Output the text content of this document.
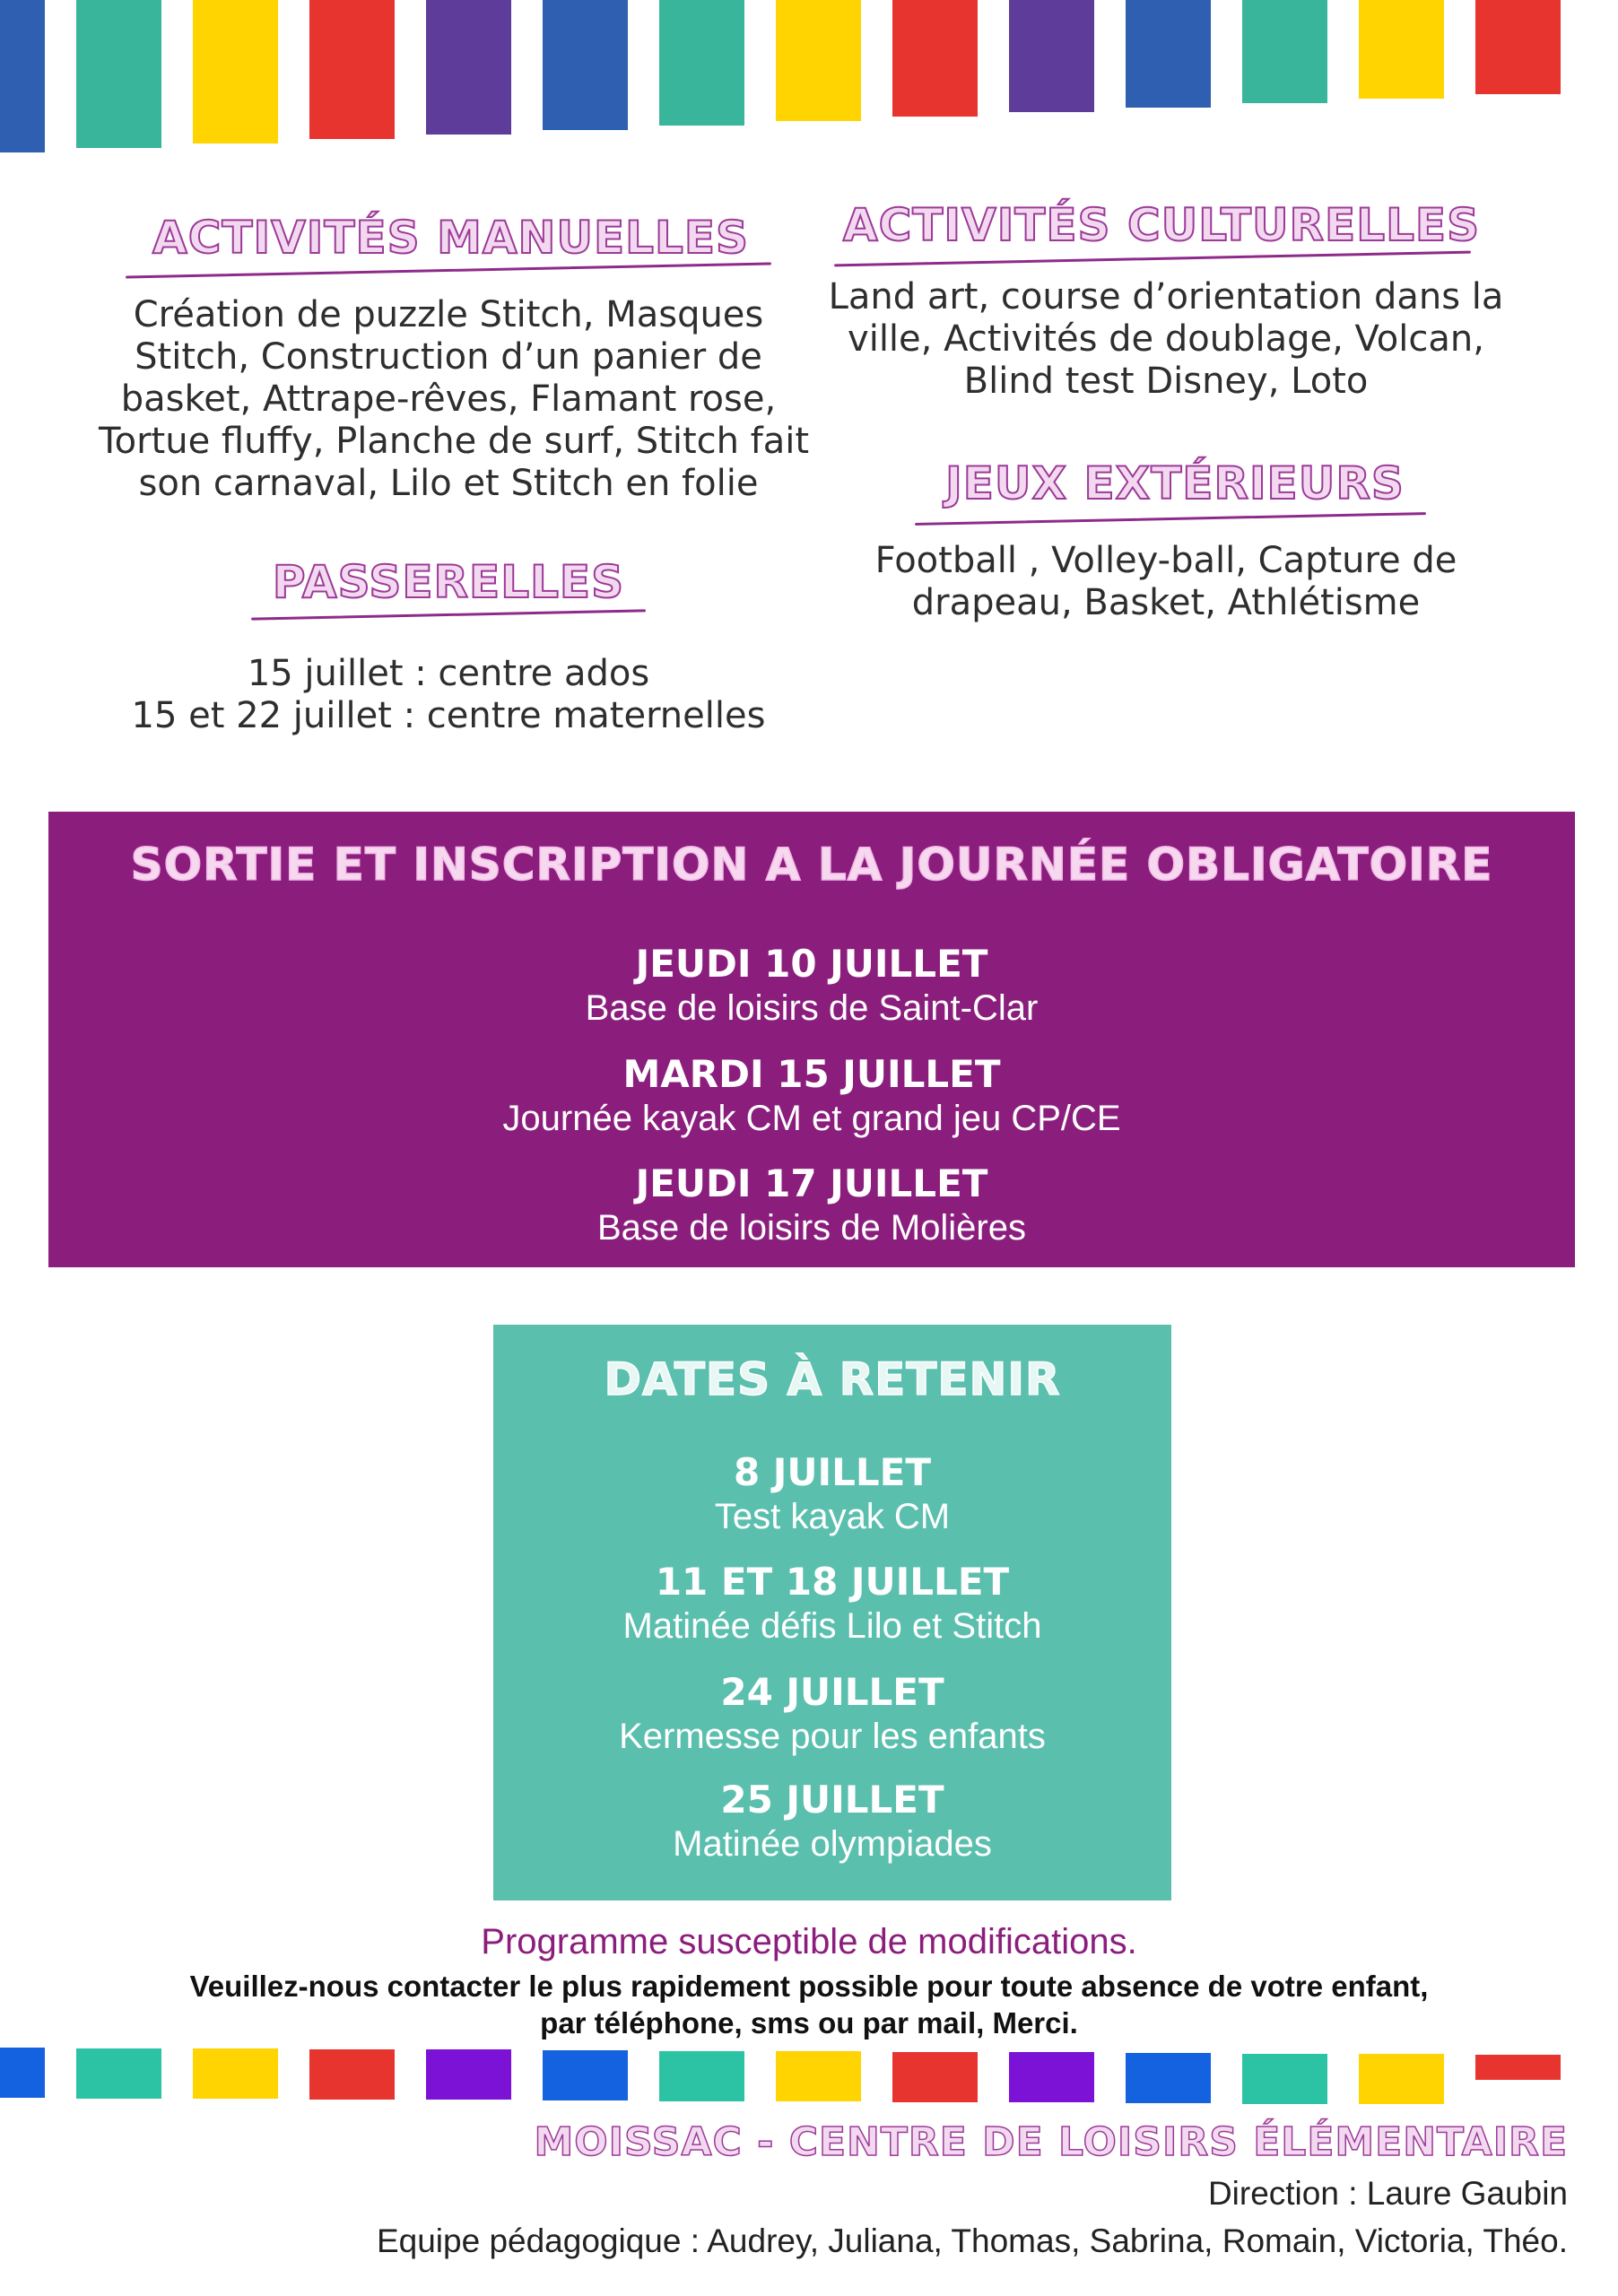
ACTIVITÉS MANUELLES
Création de puzzle Stitch, Masques
Stitch, Construction d’un panier de
basket, Attrape-rêves, Flamant rose,
Tortue fluffy, Planche de surf, Stitch fait
son carnaval, Lilo et Stitch en folie
PASSERELLES
15 juillet : centre ados
15 et 22 juillet : centre maternelles
ACTIVITÉS CULTURELLES
Land art, course d’orientation dans la
ville, Activités de doublage, Volcan,
Blind test Disney, Loto
JEUX EXTÉRIEURS
Football , Volley-ball, Capture de
drapeau, Basket, Athlétisme
SORTIE ET INSCRIPTION A LA JOURNÉE OBLIGATOIRE
JEUDI 10 JUILLET
Base de loisirs de Saint-Clar
MARDI 15 JUILLET
Journée kayak CM et grand jeu CP/CE
JEUDI 17 JUILLET
Base de loisirs de Molières
DATES À RETENIR
8 JUILLET
Test kayak CM
11 ET 18 JUILLET
Matinée défis Lilo et Stitch
24 JUILLET
Kermesse pour les enfants
25 JUILLET
Matinée olympiades
Programme susceptible de modifications.
Veuillez-nous contacter le plus rapidement possible pour toute absence de votre enfant,
par téléphone, sms ou par mail, Merci.
MOISSAC - CENTRE DE LOISIRS ÉLÉMENTAIRE
Direction : Laure Gaubin
Equipe pédagogique : Audrey, Juliana, Thomas, Sabrina, Romain, Victoria, Théo.
